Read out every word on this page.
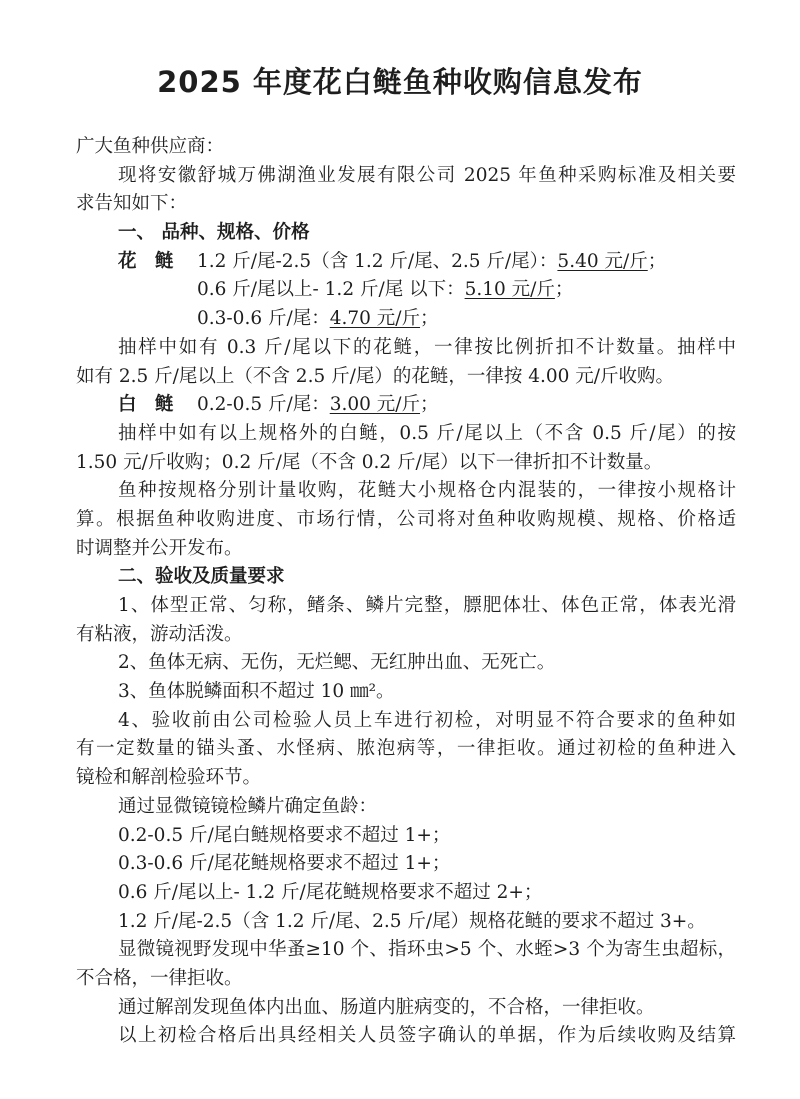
2025 年度花白鲢鱼种收购信息发布
广大鱼种供应商：
现将安徽舒城万佛湖渔业发展有限公司 2025 年鱼种采购标准及相关要
求告知如下：
一、 品种、规格、价格
花 鲢 1.2 斤/尾-2.5（含 1.2 斤/尾、2.5 斤/尾）：5.40 元/斤；
0.6 斤/尾以上- 1.2 斤/尾 以下：5.10 元/斤；
0.3-0.6 斤/尾：4.70 元/斤；
抽样中如有 0.3 斤/尾以下的花鲢，一律按比例折扣不计数量。抽样中
如有 2.5 斤/尾以上（不含 2.5 斤/尾）的花鲢，一律按 4.00 元/斤收购。
白 鲢 0.2-0.5 斤/尾：3.00 元/斤；
抽样中如有以上规格外的白鲢，0.5 斤/尾以上（不含 0.5 斤/尾）的按
1.50 元/斤收购；0.2 斤/尾（不含 0.2 斤/尾）以下一律折扣不计数量。
鱼种按规格分别计量收购，花鲢大小规格仓内混装的，一律按小规格计
算。根据鱼种收购进度、市场行情，公司将对鱼种收购规模、规格、价格适
时调整并公开发布。
二、验收及质量要求
1、体型正常、匀称，鳍条、鳞片完整，膘肥体壮、体色正常，体表光滑
有粘液，游动活泼。
2、鱼体无病、无伤，无烂鳃、无红肿出血、无死亡。
3、鱼体脱鳞面积不超过 10 ㎜²。
4、验收前由公司检验人员上车进行初检，对明显不符合要求的鱼种如
有一定数量的锚头蚤、水怪病、脓泡病等，一律拒收。通过初检的鱼种进入
镜检和解剖检验环节。
通过显微镜镜检鳞片确定鱼龄：
0.2-0.5 斤/尾白鲢规格要求不超过 1+；
0.3-0.6 斤/尾花鲢规格要求不超过 1+；
0.6 斤/尾以上- 1.2 斤/尾花鲢规格要求不超过 2+；
1.2 斤/尾-2.5（含 1.2 斤/尾、2.5 斤/尾）规格花鲢的要求不超过 3+。
显微镜视野发现中华蚤≥10 个、指环虫>5 个、水蛭>3 个为寄生虫超标，
不合格，一律拒收。
通过解剖发现鱼体内出血、肠道内脏病变的，不合格，一律拒收。
以上初检合格后出具经相关人员签字确认的单据，作为后续收购及结算
